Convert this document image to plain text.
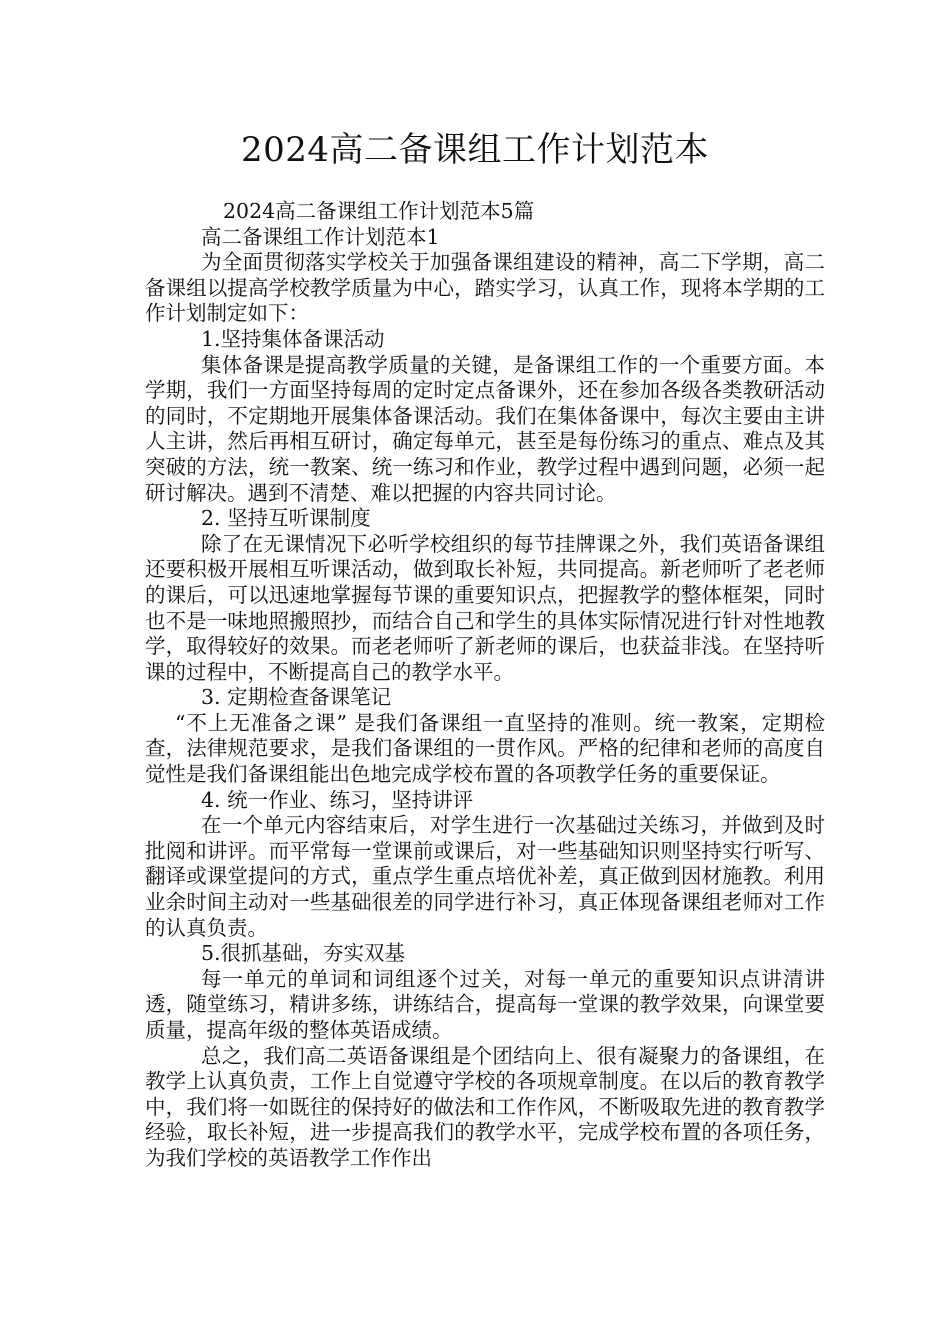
2024高二备课组工作计划范本

2024高二备课组工作计划范本5篇

高二备课组工作计划范本1

为全面贯彻落实学校关于加强备课组建设的精神，高二下学期，高二备课组以提高学校教学质量为中心，踏实学习，认真工作，现将本学期的工作计划制定如下：

1.坚持集体备课活动

集体备课是提高教学质量的关键，是备课组工作的一个重要方面。本学期，我们一方面坚持每周的定时定点备课外，还在参加各级各类教研活动的同时，不定期地开展集体备课活动。我们在集体备课中，每次主要由主讲人主讲，然后再相互研讨，确定每单元，甚至是每份练习的重点、难点及其突破的方法，统一教案、统一练习和作业，教学过程中遇到问题，必须一起研讨解决。遇到不清楚、难以把握的内容共同讨论。

2. 坚持互听课制度

除了在无课情况下必听学校组织的每节挂牌课之外，我们英语备课组还要积极开展相互听课活动，做到取长补短，共同提高。新老师听了老老师的课后，可以迅速地掌握每节课的重要知识点，把握教学的整体框架，同时也不是一味地照搬照抄，而结合自己和学生的具体实际情况进行针对性地教学，取得较好的效果。而老老师听了新老师的课后，也获益非浅。在坚持听课的过程中，不断提高自己的教学水平。

3. 定期检查备课笔记

“不上无准备之课” 是我们备课组一直坚持的准则。统一教案，定期检查，法律规范要求，是我们备课组的一贯作风。严格的纪律和老师的高度自觉性是我们备课组能出色地完成学校布置的各项教学任务的重要保证。

4. 统一作业、练习，坚持讲评

在一个单元内容结束后，对学生进行一次基础过关练习，并做到及时批阅和讲评。而平常每一堂课前或课后，对一些基础知识则坚持实行听写、翻译或课堂提问的方式，重点学生重点培优补差，真正做到因材施教。利用业余时间主动对一些基础很差的同学进行补习，真正体现备课组老师对工作的认真负责。

5.很抓基础，夯实双基

每一单元的单词和词组逐个过关，对每一单元的重要知识点讲清讲透，随堂练习，精讲多练，讲练结合，提高每一堂课的教学效果，向课堂要质量，提高年级的整体英语成绩。

总之，我们高二英语备课组是个团结向上、很有凝聚力的备课组，在教学上认真负责，工作上自觉遵守学校的各项规章制度。在以后的教育教学中，我们将一如既往的保持好的做法和工作作风，不断吸取先进的教育教学经验，取长补短，进一步提高我们的教学水平，完成学校布置的各项任务，为我们学校的英语教学工作作出
